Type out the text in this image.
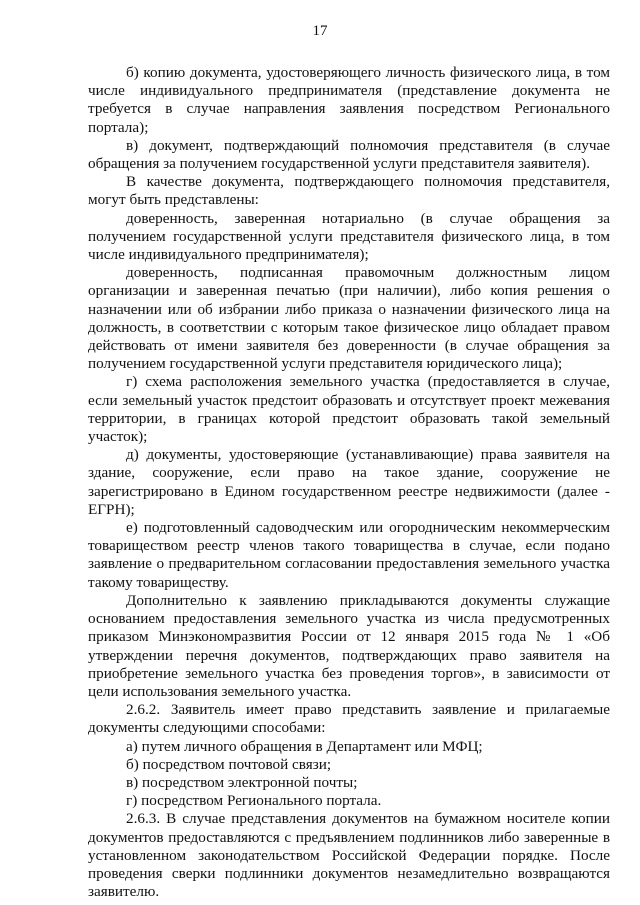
17

б) копию документа, удостоверяющего личность физического лица, в том числе индивидуального предпринимателя (представление документа не требуется в случае направления заявления посредством Регионального портала);

в) документ, подтверждающий полномочия представителя (в случае обращения за получением государственной услуги представителя заявителя).

В качестве документа, подтверждающего полномочия представителя, могут быть представлены:

доверенность, заверенная нотариально (в случае обращения за получением государственной услуги представителя физического лица, в том числе индивидуального предпринимателя);

доверенность, подписанная правомочным должностным лицом организации и заверенная печатью (при наличии), либо копия решения о назначении или об избрании либо приказа о назначении физического лица на должность, в соответствии с которым такое физическое лицо обладает правом действовать от имени заявителя без доверенности (в случае обращения за получением государственной услуги представителя юридического лица);

г) схема расположения земельного участка (предоставляется в случае, если земельный участок предстоит образовать и отсутствует проект межевания территории, в границах которой предстоит образовать такой земельный участок);

д) документы, удостоверяющие (устанавливающие) права заявителя на здание, сооружение, если право на такое здание, сооружение не зарегистрировано в Едином государственном реестре недвижимости (далее - ЕГРН);

е) подготовленный садоводческим или огородническим некоммерческим товариществом реестр членов такого товарищества в случае, если подано заявление о предварительном согласовании предоставления земельного участка такому товариществу.

Дополнительно к заявлению прикладываются документы служащие основанием предоставления земельного участка из числа предусмотренных приказом Минэкономразвития России от 12 января 2015 года № 1 «Об утверждении перечня документов, подтверждающих право заявителя на приобретение земельного участка без проведения торгов», в зависимости от цели использования земельного участка.

2.6.2. Заявитель имеет право представить заявление и прилагаемые документы следующими способами:

а) путем личного обращения в Департамент или МФЦ;

б) посредством почтовой связи;

в) посредством электронной почты;

г) посредством Регионального портала.

2.6.3. В случае представления документов на бумажном носителе копии документов предоставляются с предъявлением подлинников либо заверенные в установленном законодательством Российской Федерации порядке. После проведения сверки подлинники документов незамедлительно возвращаются заявителю.
